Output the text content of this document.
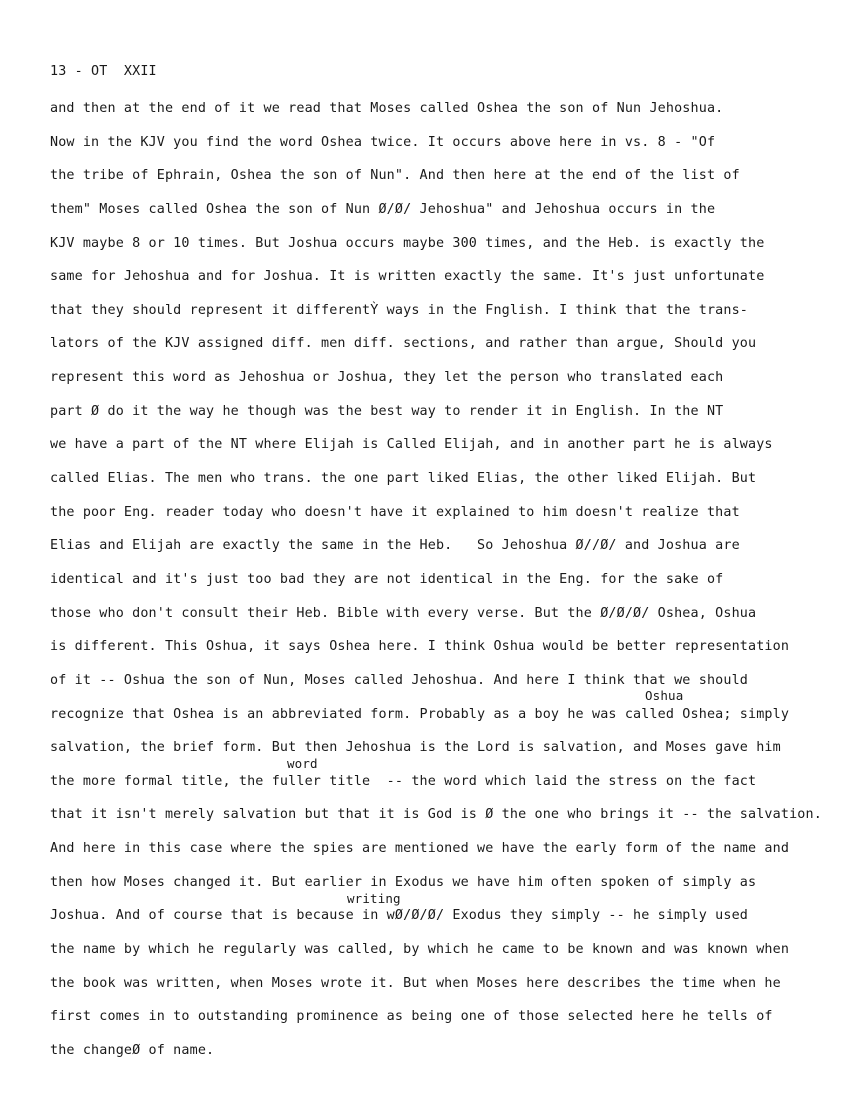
13 - OT  XXII
and then at the end of it we read that Moses called Oshea the son of Nun Jehoshua.
Now in the KJV you find the word Oshea twice. It occurs above here in vs. 8 - "Of
the tribe of Ephrain, Oshea the son of Nun". And then here at the end of the list of
them" Moses called Oshea the son of Nun Ø/Ø/ Jehoshua" and Jehoshua occurs in the
KJV maybe 8 or 10 times. But Joshua occurs maybe 300 times, and the Heb. is exactly the
same for Jehoshua and for Joshua. It is written exactly the same. It's just unfortunate
that they should represent it differentỲ ways in the Fnglish. I think that the trans-
lators of the KJV assigned diff. men diff. sections, and rather than argue, Should you
represent this word as Jehoshua or Joshua, they let the person who translated each
part Ø do it the way he though was the best way to render it in English. In the NT
we have a part of the NT where Elijah is Called Elijah, and in another part he is always
called Elias. The men who trans. the one part liked Elias, the other liked Elijah. But
the poor Eng. reader today who doesn't have it explained to him doesn't realize that
Elias and Elijah are exactly the same in the Heb.   So Jehoshua Ø//Ø/ and Joshua are
identical and it's just too bad they are not identical in the Eng. for the sake of
those who don't consult their Heb. Bible with every verse. But the Ø/Ø/Ø/ Oshea, Oshua
is different. This Oshua, it says Oshea here. I think Oshua would be better representation
of it -- Oshua the son of Nun, Moses called Jehoshua. And here I think that we should
recognize that Oshea is an abbreviated form. Probably as a boy he was called Oshea; simply
salvation, the brief form. But then Jehoshua is the Lord is salvation, and Moses gave him
the more formal title, the fuller title  -- the word which laid the stress on the fact
that it isn't merely salvation but that it is God is Ø the one who brings it -- the salvation.
And here in this case where the spies are mentioned we have the early form of the name and
then how Moses changed it. But earlier in Exodus we have him often spoken of simply as
Joshua. And of course that is because in wØ/Ø/Ø/ Exodus they simply -- he simply used
the name by which he regularly was called, by which he came to be known and was known when
the book was written, when Moses wrote it. But when Moses here describes the time when he
first comes in to outstanding prominence as being one of those selected here he tells of
the changeØ of name.
Oshua
word
writing
